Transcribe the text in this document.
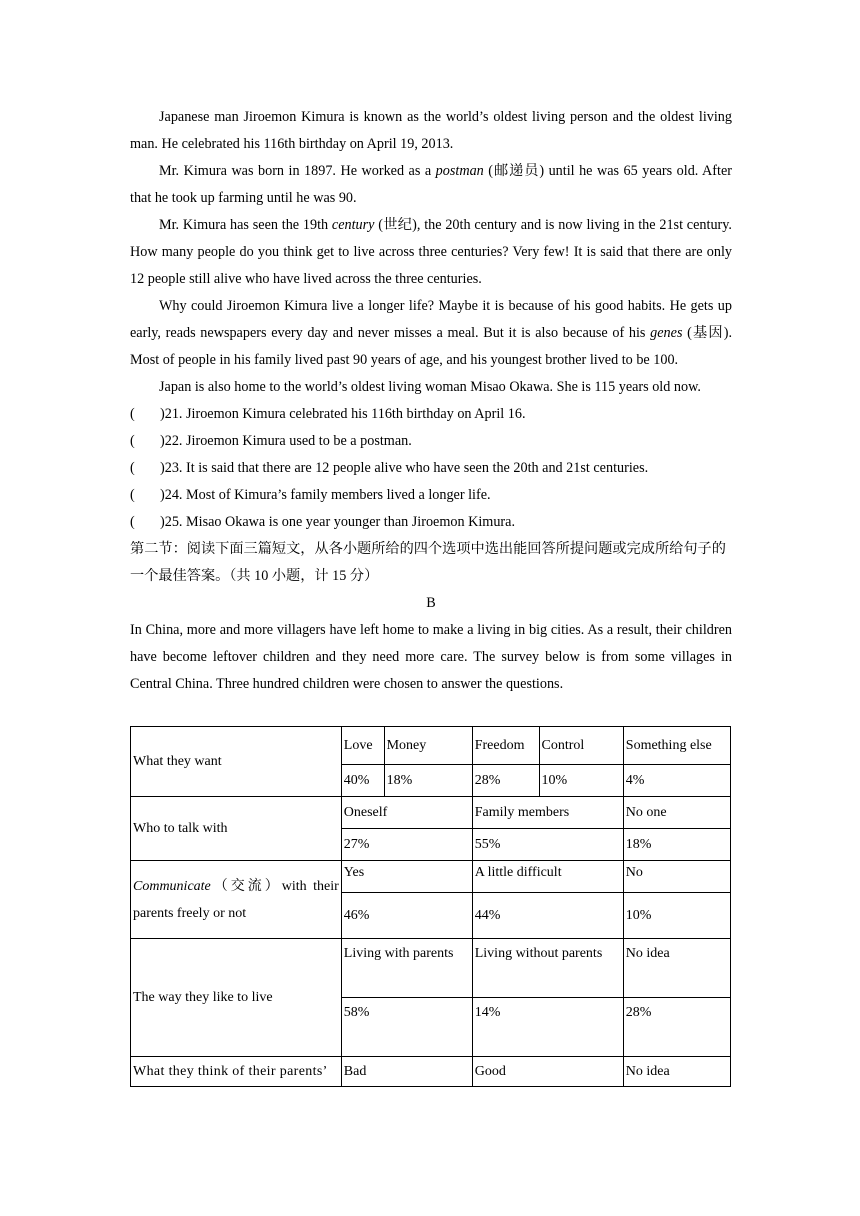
Japanese man Jiroemon Kimura is known as the world’s oldest living person and the oldest living man. He celebrated his 116th birthday on April 19, 2013.

Mr. Kimura was born in 1897. He worked as a postman (邮递员) until he was 65 years old. After that he took up farming until he was 90.

Mr. Kimura has seen the 19th century (世纪), the 20th century and is now living in the 21st century. How many people do you think get to live across three centuries? Very few! It is said that there are only 12 people still alive who have lived across the three centuries.

Why could Jiroemon Kimura live a longer life? Maybe it is because of his good habits. He gets up early, reads newspapers every day and never misses a meal. But it is also because of his genes (基因). Most of people in his family lived past 90 years of age, and his youngest brother lived to be 100.

Japan is also home to the world’s oldest living woman Misao Okawa. She is 115 years old now.

( )21. Jiroemon Kimura celebrated his 116th birthday on April 16.

( )22. Jiroemon Kimura used to be a postman.

( )23. It is said that there are 12 people alive who have seen the 20th and 21st centuries.

( )24. Most of Kimura’s family members lived a longer life.

( )25. Misao Okawa is one year younger than Jiroemon Kimura.

第二节：阅读下面三篇短文，从各小题所给的四个选项中选出能回答所提问题或完成所给句子的一个最佳答案。（共 10 小题，计 15 分）

B

In China, more and more villagers have left home to make a living in big cities. As a result, their children have become leftover children and they need more care. The survey below is from some villages in Central China. Three hundred children were chosen to answer the questions.

What they want	Love	Money	Freedom	Control	Something else
	40%	18%	28%	10%	4%
Who to talk with	Oneself		Family members		No one
	27%		55%		18%
Communicate（交流）with their parents freely or not	Yes		A little difficult		No
	46%		44%		10%
The way they like to live	Living with parents		Living without parents		No idea
	58%		14%		28%
What they think of their parents’	Bad		Good		No idea
